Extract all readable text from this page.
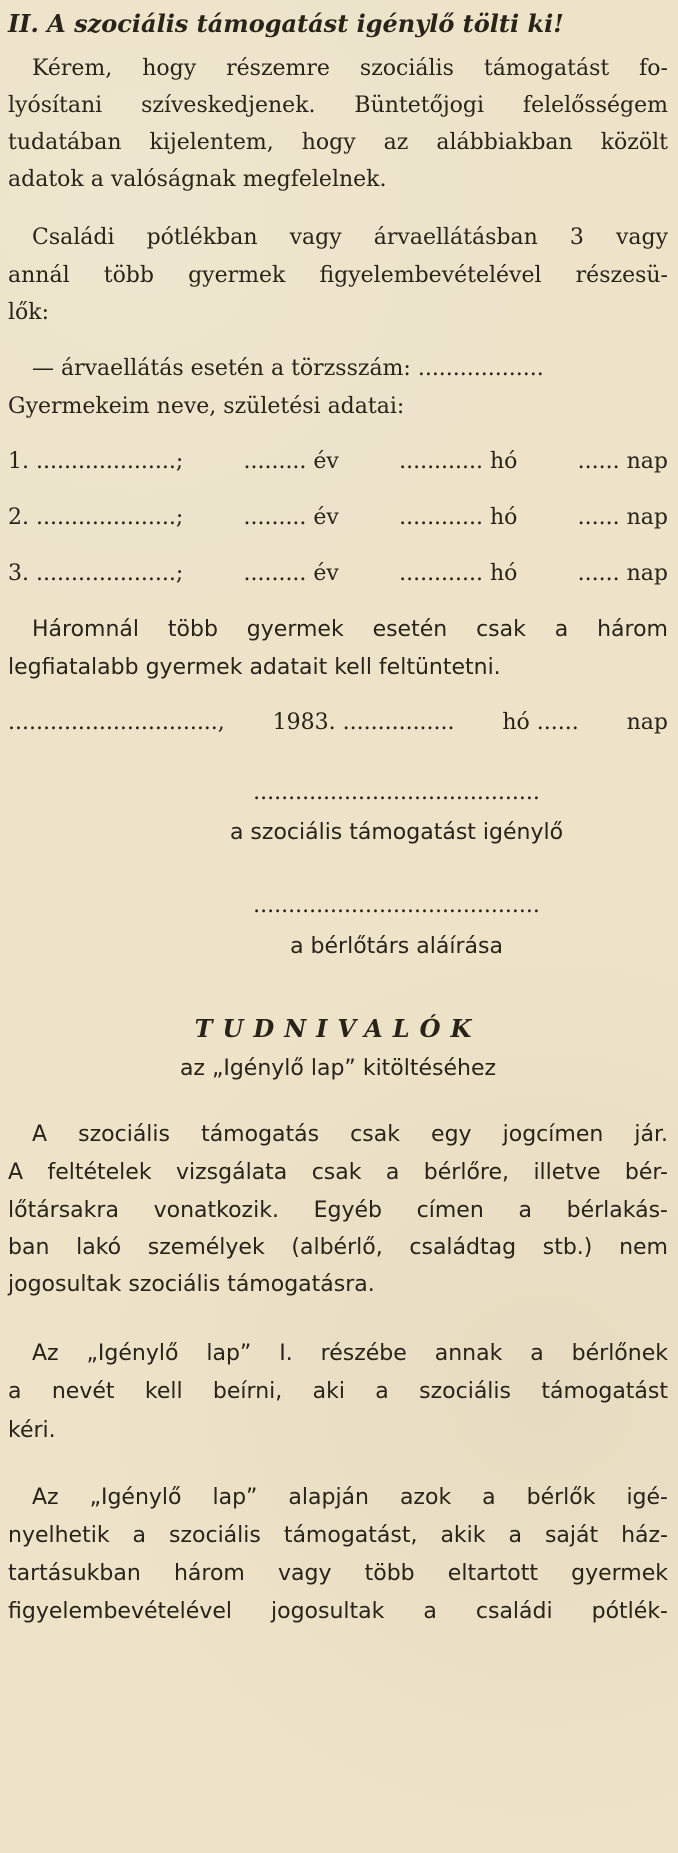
II. A szociális támogatást igénylő tölti ki!
Kérem, hogy részemre szociális támogatást fo-
lyósítani szíveskedjenek. Büntetőjogi felelősségem
tudatában kijelentem, hogy az alábbiakban közölt
adatok a valóságnak megfelelnek.
Családi pótlékban vagy árvaellátásban 3 vagy
annál több gyermek figyelembevételével részesü-
lők:
— árvaellátás esetén a törzsszám: ..................
Gyermekeim neve, születési adatai:
1. ....................;	......... év	............ hó	...... nap
2. ....................;	......... év	............ hó	...... nap
3. ....................;	......... év	............ hó	...... nap
Háromnál több gyermek esetén csak a három
legfiatalabb gyermek adatait kell feltüntetni.
.............................., 1983. ................ hó ...... nap
.........................................
a szociális támogatást igénylő
.........................................
a bérlőtárs aláírása
TUDNIVALÓK
az „Igénylő lap” kitöltéséhez
A szociális támogatás csak egy jogcímen jár.
A feltételek vizsgálata csak a bérlőre, illetve bér-
lőtársakra vonatkozik. Egyéb címen a bérlakás-
ban lakó személyek (albérlő, családtag stb.) nem
jogosultak szociális támogatásra.
Az „Igénylő lap” I. részébe annak a bérlőnek
a nevét kell beírni, aki a szociális támogatást
kéri.
Az „Igénylő lap” alapján azok a bérlők igé-
nyelhetik a szociális támogatást, akik a saját ház-
tartásukban három vagy több eltartott gyermek
figyelembevételével jogosultak a családi pótlék-
